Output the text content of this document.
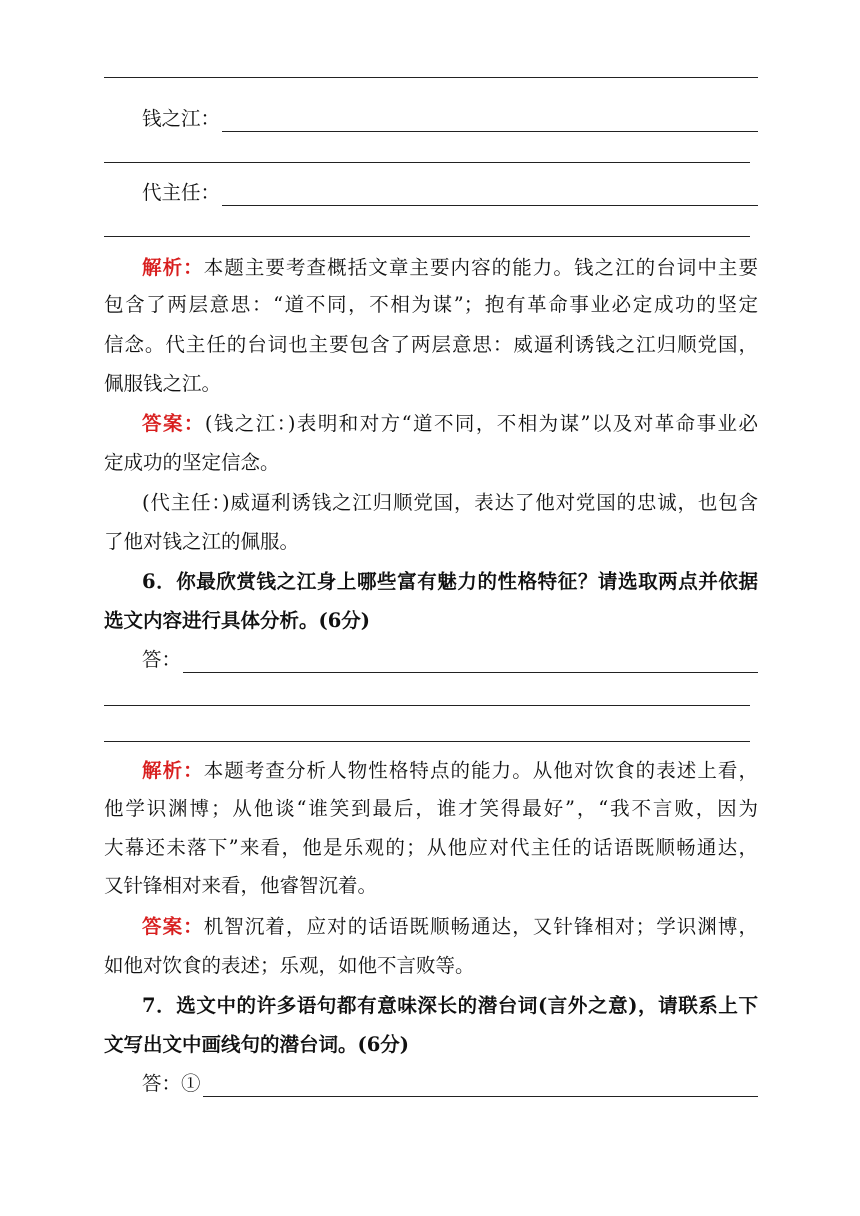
钱之江：
代主任：
解析：本题主要考查概括文章主要内容的能力。钱之江的台词中主要
包含了两层意思：“道不同，不相为谋”；抱有革命事业必定成功的坚定
信念。代主任的台词也主要包含了两层意思：威逼利诱钱之江归顺党国，
佩服钱之江。
答案：(钱之江：)表明和对方“道不同，不相为谋”以及对革命事业必
定成功的坚定信念。
(代主任：)威逼利诱钱之江归顺党国，表达了他对党国的忠诚，也包含
了他对钱之江的佩服。
6．你最欣赏钱之江身上哪些富有魅力的性格特征？请选取两点并依据
选文内容进行具体分析。(6分)
答：
解析：本题考查分析人物性格特点的能力。从他对饮食的表述上看，
他学识渊博；从他谈“谁笑到最后，谁才笑得最好”，“我不言败，因为
大幕还未落下”来看，他是乐观的；从他应对代主任的话语既顺畅通达，
又针锋相对来看，他睿智沉着。
答案：机智沉着，应对的话语既顺畅通达，又针锋相对；学识渊博，
如他对饮食的表述；乐观，如他不言败等。
7．选文中的许多语句都有意味深长的潜台词(言外之意)，请联系上下
文写出文中画线句的潜台词。(6分)
答：①
